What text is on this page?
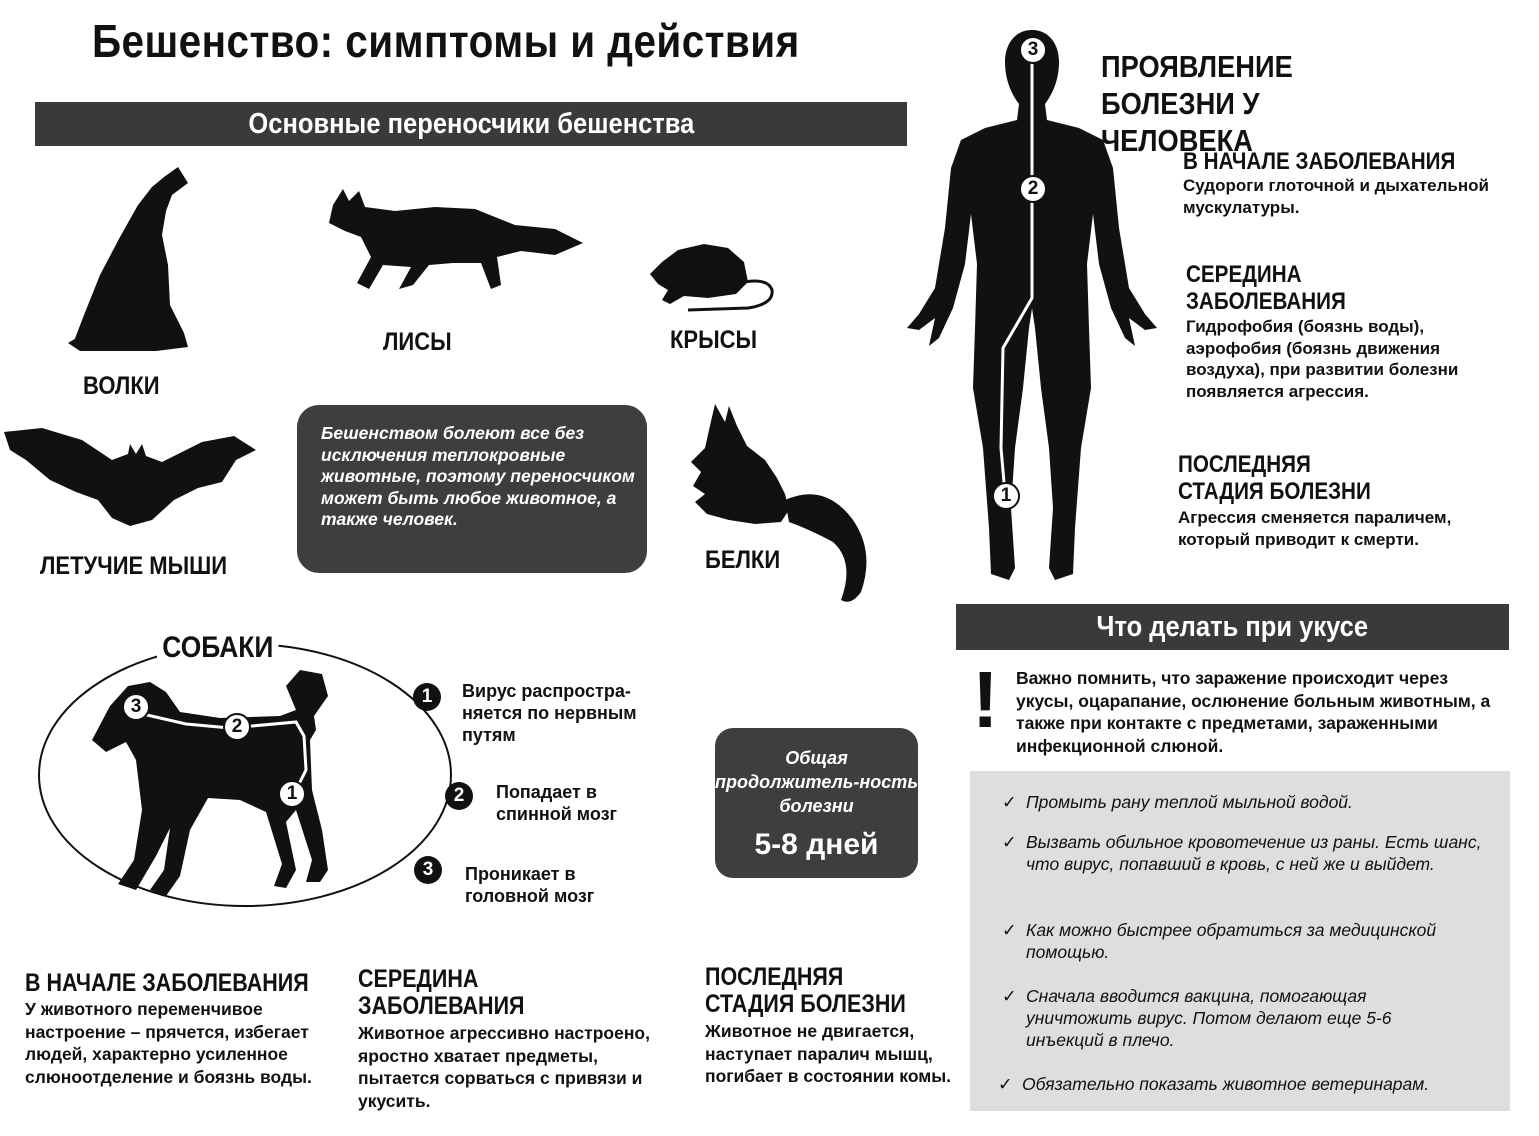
Бешенство: симптомы и действия
Основные переносчики бешенства
ВОЛКИ
ЛИСЫ	КРЫСЫ
ЛЕТУЧИЕ МЫШИ
Бешенством болеют все без исключения теплокровные животные, поэтому переносчиком может быть любое животное, а также человек.
БЕЛКИ
СОБАКИ
3
2
1
1	Вирус распростра-няется по нервным путям
2	Попадает в спинной мозг
3	Проникает в головной мозг
Общая продолжитель-ность болезни
5-8 дней
В НАЧАЛЕ ЗАБОЛЕВАНИЯ
У животного переменчивое настроение – прячется, избегает людей, характерно усиленное слюноотделение и боязнь воды.
СЕРЕДИНА ЗАБОЛЕВАНИЯ
Животное агрессивно настроено, яростно хватает предметы, пытается сорваться с привязи и укусить.
ПОСЛЕДНЯЯ СТАДИЯ БОЛЕЗНИ
Животное не двигается, наступает паралич мышц, погибает в состоянии комы.
3
2
1
ПРОЯВЛЕНИЕ БОЛЕЗНИ У ЧЕЛОВЕКА
В НАЧАЛЕ ЗАБОЛЕВАНИЯ
Судороги глоточной и дыхательной мускулатуры.
СЕРЕДИНА ЗАБОЛЕВАНИЯ
Гидрофобия (боязнь воды), аэрофобия (боязнь движения воздуха), при развитии болезни появляется агрессия.
ПОСЛЕДНЯЯ СТАДИЯ БОЛЕЗНИ
Агрессия сменяется параличем, который приводит к смерти.
Что делать при укусе
! Важно помнить, что заражение происходит через укусы, оцарапание, ослюнение больным животным, а также при контакте с предметами, зараженными инфекционной слюной.
✓ Промыть рану теплой мыльной водой.
✓ Вызвать обильное кровотечение из раны. Есть шанс, что вирус, попавший в кровь, с ней же и выйдет.
✓ Как можно быстрее обратиться за медицинской помощью.
✓ Сначала вводится вакцина, помогающая уничтожить вирус. Потом делают еще 5-6 инъекций в плечо.
✓ Обязательно показать животное ветеринарам.
